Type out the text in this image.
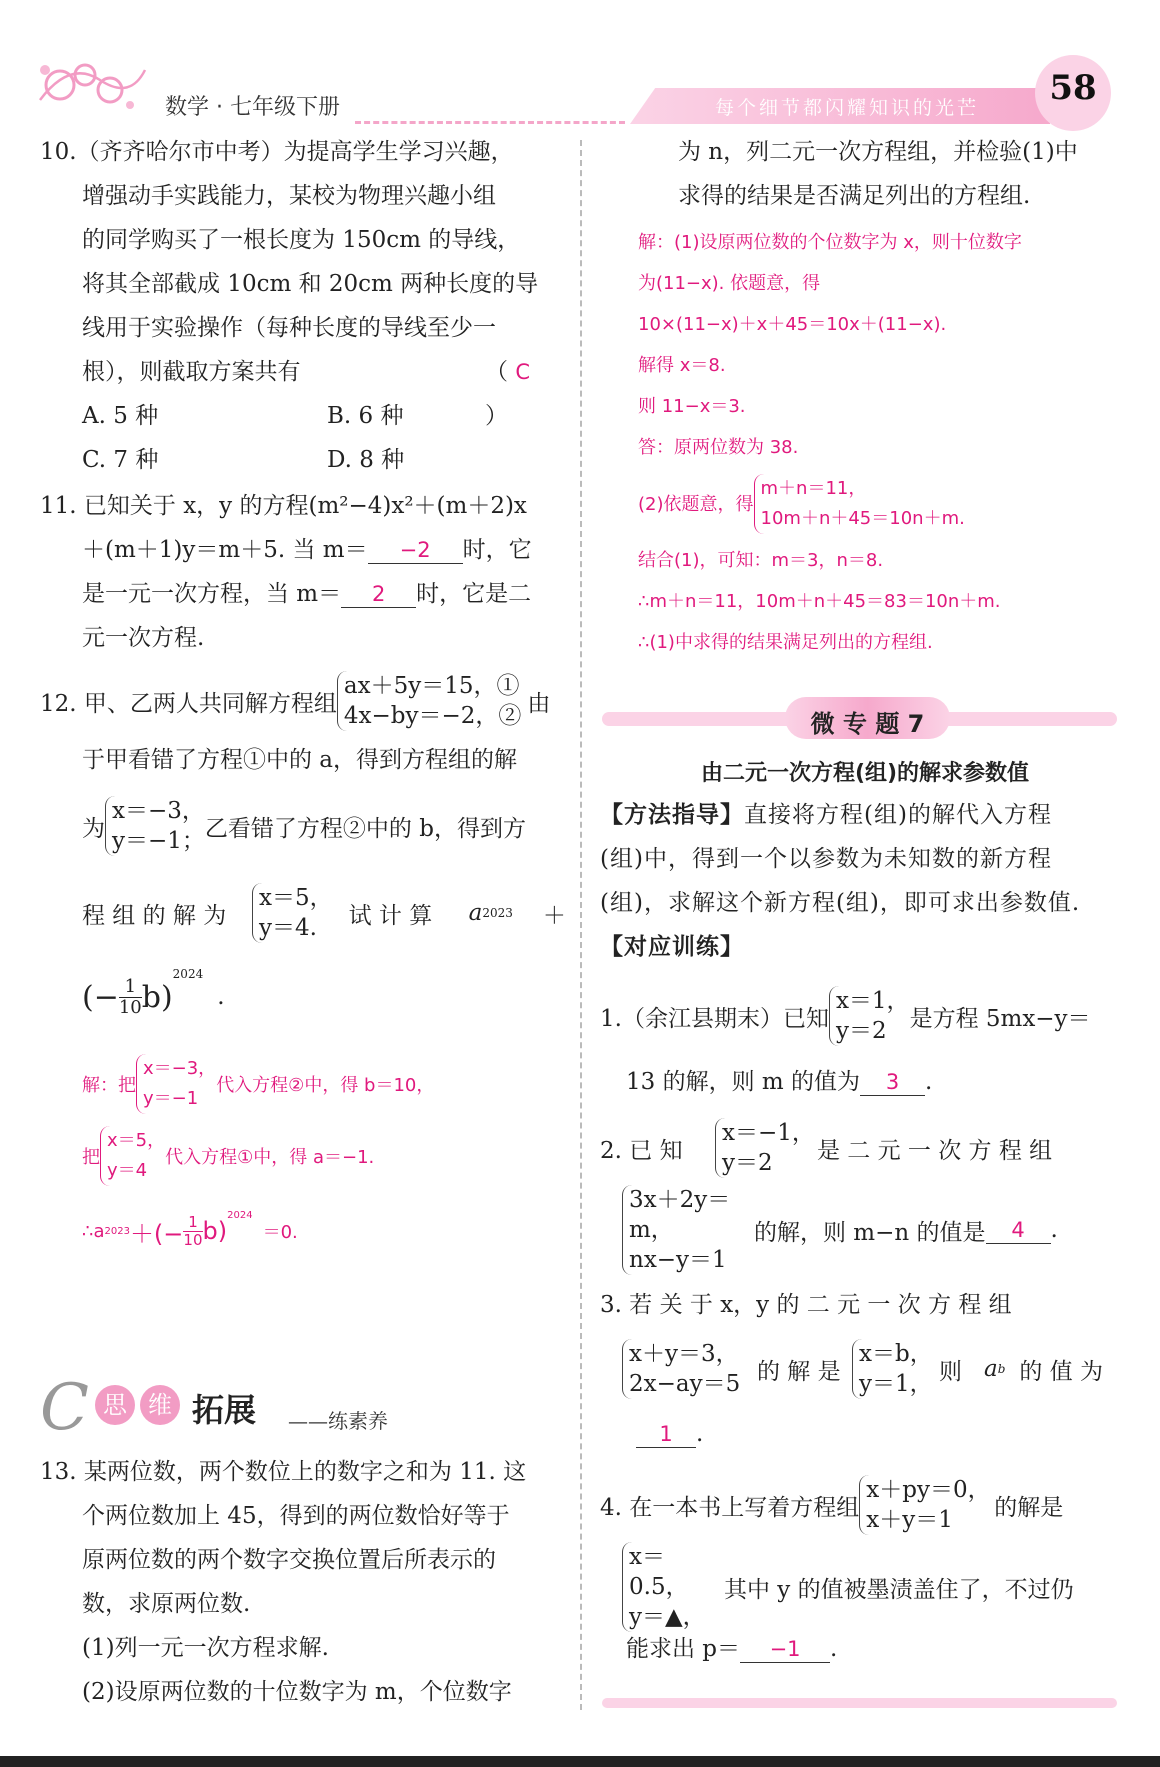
数学 · 七年级下册	每个细节都闪耀知识的光芒	58
10.（齐齐哈尔市中考）为提高学生学习兴趣，
增强动手实践能力，某校为物理兴趣小组
的同学购买了一根长度为 150cm 的导线，
将其全部截成 10cm 和 20cm 两种长度的导
线用于实验操作（每种长度的导线至少一
根），则截取方案共有	（ C ）
A. 5 种	B. 6 种
C. 7 种	D. 8 种
11. 已知关于 x，y 的方程(m²−4)x²＋(m＋2)x
＋(m＋1)y＝m＋5. 当 m＝ −2 时，它
是一元一次方程，当 m＝ 2 时，它是二
元一次方程.
12. 甲、乙两人共同解方程组
ax＋5y＝15，①
4x−by＝−2，② 由
于甲看错了方程①中的 a，得到方程组的解
为
x＝−3，
y＝−1； 乙看错了方程②中的 b，得到方
程 组 的 解 为
x＝5，
y＝4.	试 计 算	a 2023 ＋
(− $\frac{1}{10} b$)
2024
.
解：把
x＝−3，
y＝−1
代入方程②中，得 b＝10，
把
x＝5，
y＝4
代入方程①中，得 a＝−1.
∴a 2023 ＋(− $\frac{1}{10} b$)
2024
＝0.
C 思 维 拓展 ——练素养
13. 某两位数，两个数位上的数字之和为 11. 这
个两位数加上 45，得到的两位数恰好等于
原两位数的两个数字交换位置后所表示的
数，求原两位数.
(1)列一元一次方程求解.
(2)设原两位数的十位数字为 m，个位数字
为 n，列二元一次方程组，并检验(1)中
求得的结果是否满足列出的方程组.
解：(1)设原两位数的个位数字为 x，则十位数字
为(11−x). 依题意，得
10×(11−x)＋x＋45＝10x＋(11−x).
解得 x＝8.
则 11−x＝3.
答：原两位数为 38.
(2)依题意，得
m＋n＝11，
10m＋n＋45＝10n＋m.
结合(1)，可知：m＝3，n＝8.
∴m＋n＝11，10m＋n＋45＝83＝10n＋m.
∴(1)中求得的结果满足列出的方程组.
微 专 题 7
由二元一次方程(组)的解求参数值
【方法指导】直接将方程(组)的解代入方程
(组)中，得到一个以参数为未知数的新方程
(组)，求解这个新方程(组)，即可求出参数值.
【对应训练】
1.（余江县期末）已知
x＝1，
y＝2 是方程 5mx−y＝
13 的解，则 m 的值为 3 .
2. 已 知
x＝−1，
y＝2	是 二 元 一 次 方 程 组
3x＋2y＝m，
nx−y＝1
的解，则 m−n 的值是	4	.
3. 若 关 于 x，y 的 二 元 一 次 方 程 组
x＋y＝3，
2x−ay＝5 的 解 是
x＝b，
y＝1， 则 a b 的 值 为
1 .
4. 在一本书上写着方程组
x＋py＝0，
x＋y＝1	的解是
x＝0.5，
y＝▲，
其中 y 的值被墨渍盖住了，不过仍
能求出 p＝ −1 .
